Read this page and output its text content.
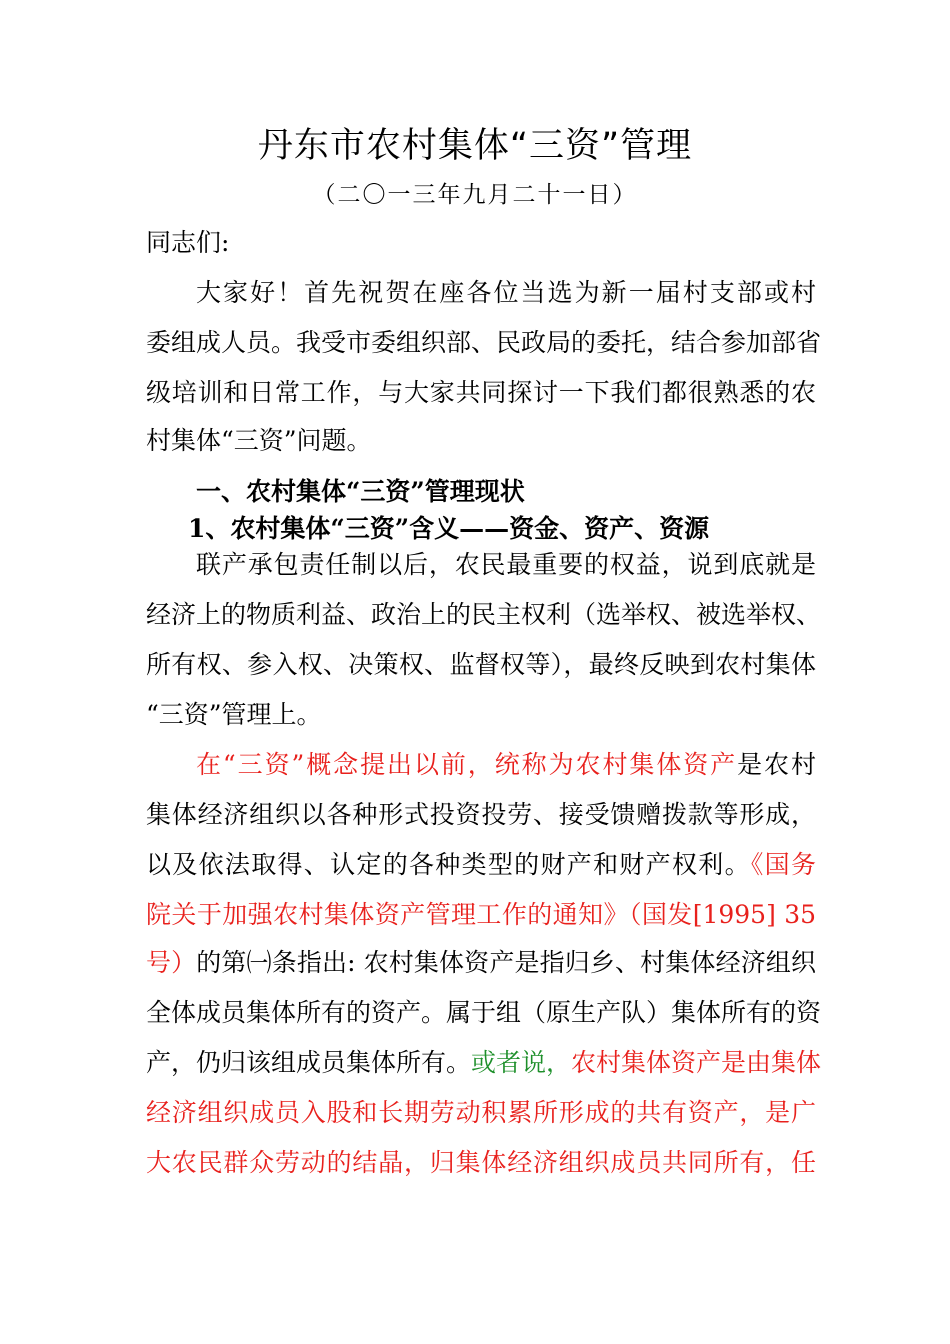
丹东市农村集体“三资”管理
（二〇一三年九月二十一日）
同志们:
大家好！首先祝贺在座各位当选为新一届村支部或村
委组成人员。我受市委组织部、民政局的委托，结合参加部省
级培训和日常工作，与大家共同探讨一下我们都很熟悉的农
村集体“三资”问题。
一、农村集体“三资”管理现状
1、农村集体“三资”含义——资金、资产、资源
联产承包责任制以后，农民最重要的权益，说到底就是
经济上的物质利益、政治上的民主权利（选举权、被选举权、
所有权、参入权、决策权、监督权等），最终反映到农村集体
“三资”管理上。
在“三资”概念提出以前，统称为农村集体资产是农村
集体经济组织以各种形式投资投劳、接受馈赠拨款等形成，
以及依法取得、认定的各种类型的财产和财产权利。《国务
院关于加强农村集体资产管理工作的通知》（国发[1995] 35
号）的第㈠条指出: 农村集体资产是指归乡、村集体经济组织
全体成员集体所有的资产。属于组（原生产队）集体所有的资
产，仍归该组成员集体所有。或者说，农村集体资产是由集体
经济组织成员入股和长期劳动积累所形成的共有资产，是广
大农民群众劳动的结晶，归集体经济组织成员共同所有，任
